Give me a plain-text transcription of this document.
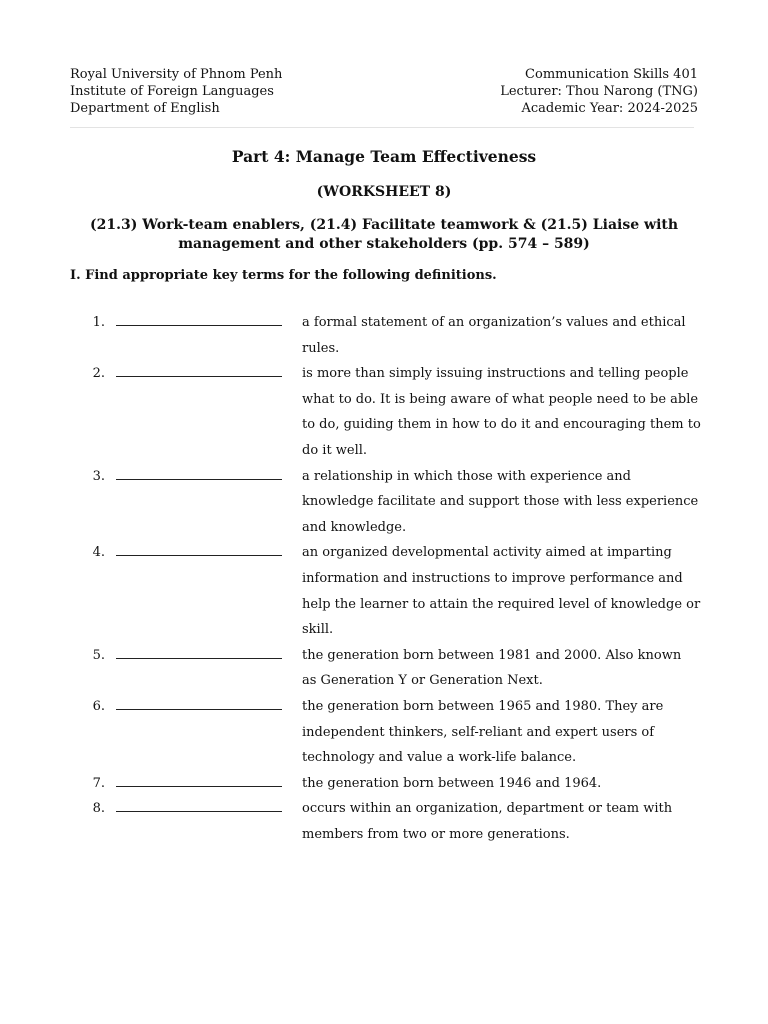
Royal University of Phnom Penh
Institute of Foreign Languages
Department of English
Communication Skills 401
Lecturer: Thou Narong (TNG)
Academic Year: 2024-2025
Part 4: Manage Team Effectiveness
(WORKSHEET 8)
(21.3) Work-team enablers, (21.4) Facilitate teamwork & (21.5) Liaise with
management and other stakeholders (pp. 574 – 589)
I. Find appropriate key terms for the following definitions.
1.	a formal statement of an organization’s values and ethical
rules.
2.	is more than simply issuing instructions and telling people
what to do. It is being aware of what people need to be able
to do, guiding them in how to do it and encouraging them to
do it well.
3.	a relationship in which those with experience and
knowledge facilitate and support those with less experience
and knowledge.
4.	an organized developmental activity aimed at imparting
information and instructions to improve performance and
help the learner to attain the required level of knowledge or
skill.
5.	the generation born between 1981 and 2000. Also known
as Generation Y or Generation Next.
6.	the generation born between 1965 and 1980. They are
independent thinkers, self-reliant and expert users of
technology and value a work-life balance.
7.	the generation born between 1946 and 1964.
8.	occurs within an organization, department or team with
members from two or more generations.
